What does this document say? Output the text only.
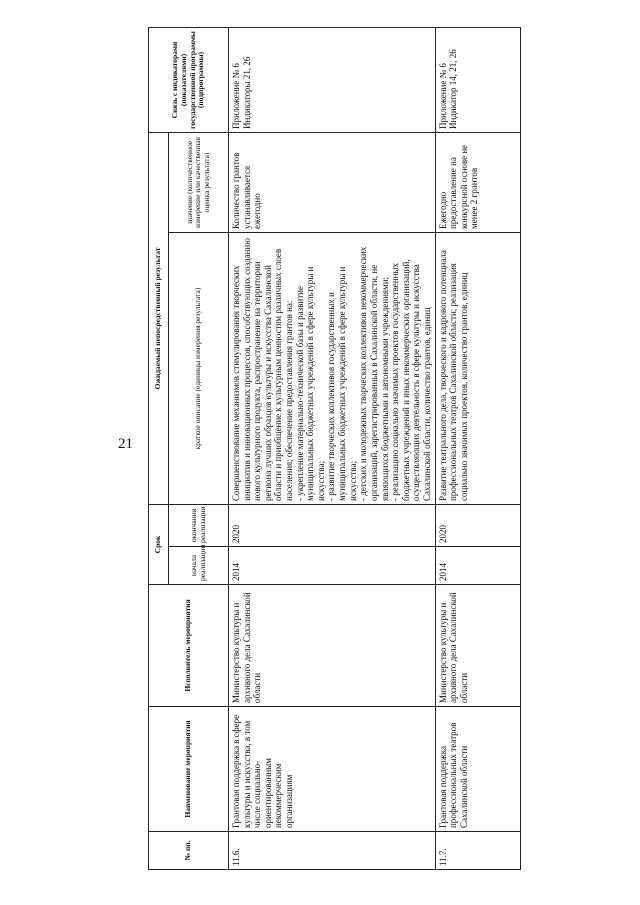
21
№ пп.	Наименование мероприятия	Исполнитель мероприятия	Срок		Ожидаемый непосредственный результат		Связь с индикаторами (показателями) государственной программы (подпрограммы)
			начала реализации	окончания реализации	краткое описание (единицы измерения результата)	значение (количественное измерение или качественная оценка результата)	
11.6.	Грантовая поддержка в сфере культуры и искусства, в том числе социально-ориентированным некоммерческим организациям	Министерство культуры и архивного дела Сахалинской области	2014	2020	Совершенствование механизмов стимулирования творческих инициатив и инновационных процессов, способствующих созданию нового культурного продукта, распространение на территории региона лучших образцов культуры и искусства Сахалинской области и приобщение к культурным ценностям различных слоев населения; обеспечение предоставления грантов на:
- укрепление материально-технической базы и развитие муниципальных бюджетных учреждений в сфере культуры и искусства;
- развитие творческих коллективов государственных и муниципальных бюджетных учреждений в сфере культуры и искусства;
- детских и молодежных творческих коллективов некоммерческих организаций, зарегистрированных в Сахалинской области, не являющихся бюджетными и автономными учреждениями;
- реализацию социально значимых проектов государственных бюджетных учреждений и иных некоммерческих организаций, осуществляющих деятельность в сфере культуры и искусства Сахалинской области, количество грантов, единиц	Количество грантов устанавливается ежегодно	Приложение № 6 Индикаторы 21, 26
11.7.	Грантовая поддержка профессиональных театров Сахалинской области	Министерство культуры и архивного дела Сахалинской области	2014	2020	Развитие театрального дела, творческого и кадрового потенциала профессиональных театров Сахалинской области; реализация социально значимых проектов, количество грантов, единиц	Ежегодно предоставление на конкурсной основе не менее 2 грантов	Приложение № 6 Индикатор 14, 21, 26
